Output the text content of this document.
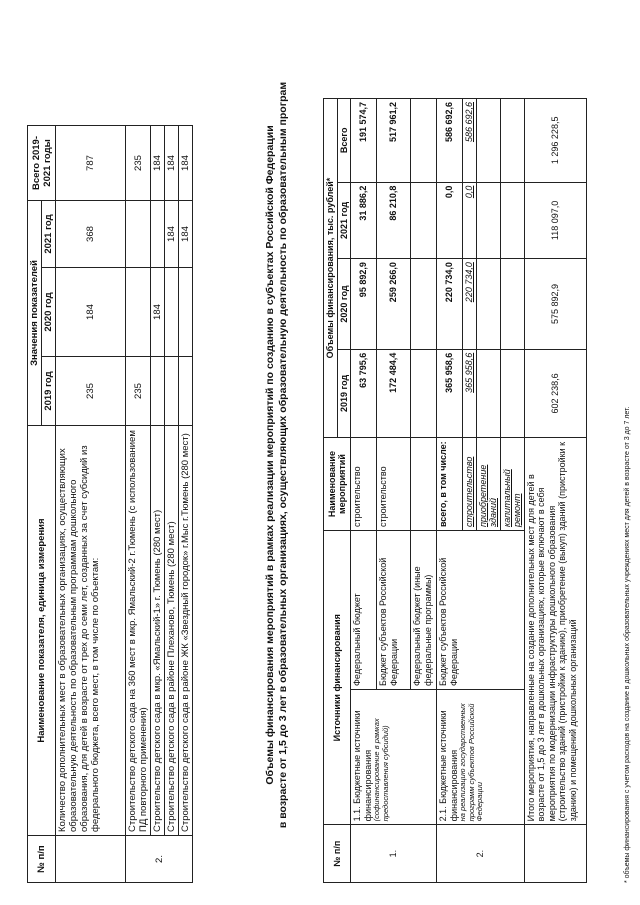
№ п/п	Наименование показателя, единица измерения	Значения показателей			Всего 2019-2021 годы
		2019 год	2020 год	2021 год	
	Количество дополнительных мест в образовательных организациях, осуществляющих образовательную деятельность по образовательным программам дошкольного образования, для детей в возрасте от трех до семи лет, созданных за счет субсидий из федерального бюджета, всего мест, в том числе по объектам:	235	184	368	787
2.	Строительство детского сада на 360 мест в мкр. Ямальский-2 г.Тюмень (с использованием ПД повторного применения)	235			235
	Строительство детского сада в мкр. «Ямальский-1» г. Тюмень (280 мест)		184		184
	Строительство детского сада в районе Плеханово, Тюмень (280 мест)			184	184
	Строительство детского сада в районе ЖК «Звездный городок» г.Мыс г.Тюмень (280 мест)			184	184	Объемы финансирования мероприятий в рамках реализации мероприятий по созданию в субъектах Российской Федерации в возрасте от 1,5 до 3 лет в образовательных организациях, осуществляющих образовательную деятельность по образовательным програм
№ п/п	Источники финансирования		Наименование мероприятий	Объемы финансирования, тыс. рублей*			
				2019 год	2020 год	2021 год	Всего
1.	1.1. Бюджетные источники финансирования (софинансирование в рамках предоставления субсидий)	Федеральный бюджет	строительство	63 795,6	95 892,9	31 886,2	191 574,7
		Бюджет субъектов Российской Федерации	строительство	172 484,4	259 266,0	86 210,8	517 961,2
		Федеральный бюджет (иные федеральные программы)					
2.	2.1. Бюджетные источники финансирования на реализацию государственных программ субъектов Российской Федерации	Бюджет субъектов Российской Федерации	всего, в том числе:	365 958,6	220 734,0	0,0	586 692,6
			строительство	365 958,6	220 734,0	0,0	586 692,6
			приобретение зданий				
			капитальный ремонт				
	Итого мероприятия, направленные на создание дополнительных мест для детей в возрасте от 1,5 до 3 лет в дошкольных организациях, которые включают в себя мероприятия по модернизации инфраструктуры дошкольного образования (строительство зданий (пристройки к зданию), приобретение (выкуп) зданий (пристройки к зданию) и помещений дошкольных организаций			602 238,6	575 892,9	118 097,0	1 296 228,5
* объемы финансирования с учетом расходов на создание в дошкольных образовательных учреждениях мест для детей в возрасте от 3 до 7 лет.
